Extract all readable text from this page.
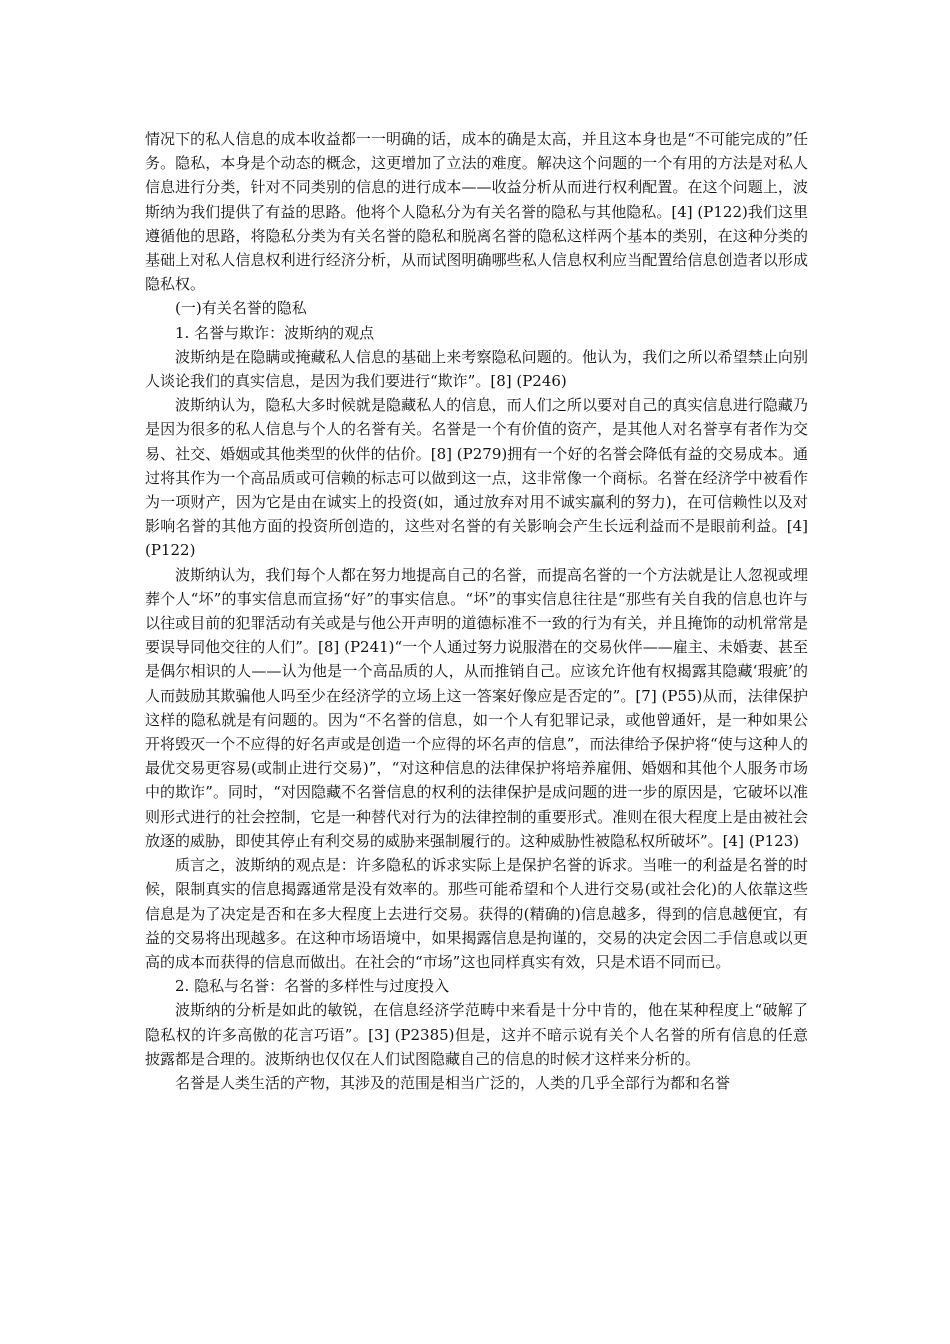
情况下的私人信息的成本收益都一一明确的话，成本的确是太高，并且这本身也是“不可能完成的”任务。隐私，本身是个动态的概念，这更增加了立法的难度。解决这个问题的一个有用的方法是对私人信息进行分类，针对不同类别的信息的进行成本——收益分析从而进行权利配置。在这个问题上，波斯纳为我们提供了有益的思路。他将个人隐私分为有关名誉的隐私与其他隐私。[4] (P122)我们这里遵循他的思路，将隐私分类为有关名誉的隐私和脱离名誉的隐私这样两个基本的类别，在这种分类的基础上对私人信息权利进行经济分析，从而试图明确哪些私人信息权利应当配置给信息创造者以形成隐私权。

(一)有关名誉的隐私

1. 名誉与欺诈：波斯纳的观点

波斯纳是在隐瞒或掩藏私人信息的基础上来考察隐私问题的。他认为，我们之所以希望禁止向别人谈论我们的真实信息，是因为我们要进行“欺诈”。[8] (P246)

波斯纳认为，隐私大多时候就是隐藏私人的信息，而人们之所以要对自己的真实信息进行隐藏乃是因为很多的私人信息与个人的名誉有关。名誉是一个有价值的资产，是其他人对名誉享有者作为交易、社交、婚姻或其他类型的伙伴的估价。[8] (P279)拥有一个好的名誉会降低有益的交易成本。通过将其作为一个高品质或可信赖的标志可以做到这一点，这非常像一个商标。名誉在经济学中被看作为一项财产，因为它是由在诚实上的投资(如，通过放弃对用不诚实赢利的努力)，在可信赖性以及对影响名誉的其他方面的投资所创造的，这些对名誉的有关影响会产生长远利益而不是眼前利益。[4] (P122)

波斯纳认为，我们每个人都在努力地提高自己的名誉，而提高名誉的一个方法就是让人忽视或埋葬个人“坏”的事实信息而宣扬“好”的事实信息。“坏”的事实信息往往是“那些有关自我的信息也许与以往或目前的犯罪活动有关或是与他公开声明的道德标准不一致的行为有关，并且掩饰的动机常常是要误导同他交往的人们”。[8] (P241)“一个人通过努力说服潜在的交易伙伴——雇主、未婚妻、甚至是偶尔相识的人——认为他是一个高品质的人，从而推销自己。应该允许他有权揭露其隐藏‘瑕疵’的人而鼓励其欺骗他人吗至少在经济学的立场上这一答案好像应是否定的”。[7] (P55)从而，法律保护这样的隐私就是有问题的。因为“不名誉的信息，如一个人有犯罪记录，或他曾通奸，是一种如果公开将毁灭一个不应得的好名声或是创造一个应得的坏名声的信息”，而法律给予保护将“使与这种人的最优交易更容易(或制止进行交易)”，“对这种信息的法律保护将培养雇佣、婚姻和其他个人服务市场中的欺诈”。同时，“对因隐藏不名誉信息的权利的法律保护是成问题的进一步的原因是，它破坏以准则形式进行的社会控制，它是一种替代对行为的法律控制的重要形式。准则在很大程度上是由被社会放逐的威胁，即使其停止有利交易的威胁来强制履行的。这种威胁性被隐私权所破坏”。[4] (P123)

质言之，波斯纳的观点是：许多隐私的诉求实际上是保护名誉的诉求。当唯一的利益是名誉的时候，限制真实的信息揭露通常是没有效率的。那些可能希望和个人进行交易(或社会化)的人依靠这些信息是为了决定是否和在多大程度上去进行交易。获得的(精确的)信息越多，得到的信息越便宜，有益的交易将出现越多。在这种市场语境中，如果揭露信息是拘谨的，交易的决定会因二手信息或以更高的成本而获得的信息而做出。在社会的“市场”这也同样真实有效，只是术语不同而已。

2. 隐私与名誉：名誉的多样性与过度投入

波斯纳的分析是如此的敏锐，在信息经济学范畴中来看是十分中肯的，他在某种程度上“破解了隐私权的许多高傲的花言巧语”。[3] (P2385)但是，这并不暗示说有关个人名誉的所有信息的任意披露都是合理的。波斯纳也仅仅在人们试图隐藏自己的信息的时候才这样来分析的。

名誉是人类生活的产物，其涉及的范围是相当广泛的，人类的几乎全部行为都和名誉
